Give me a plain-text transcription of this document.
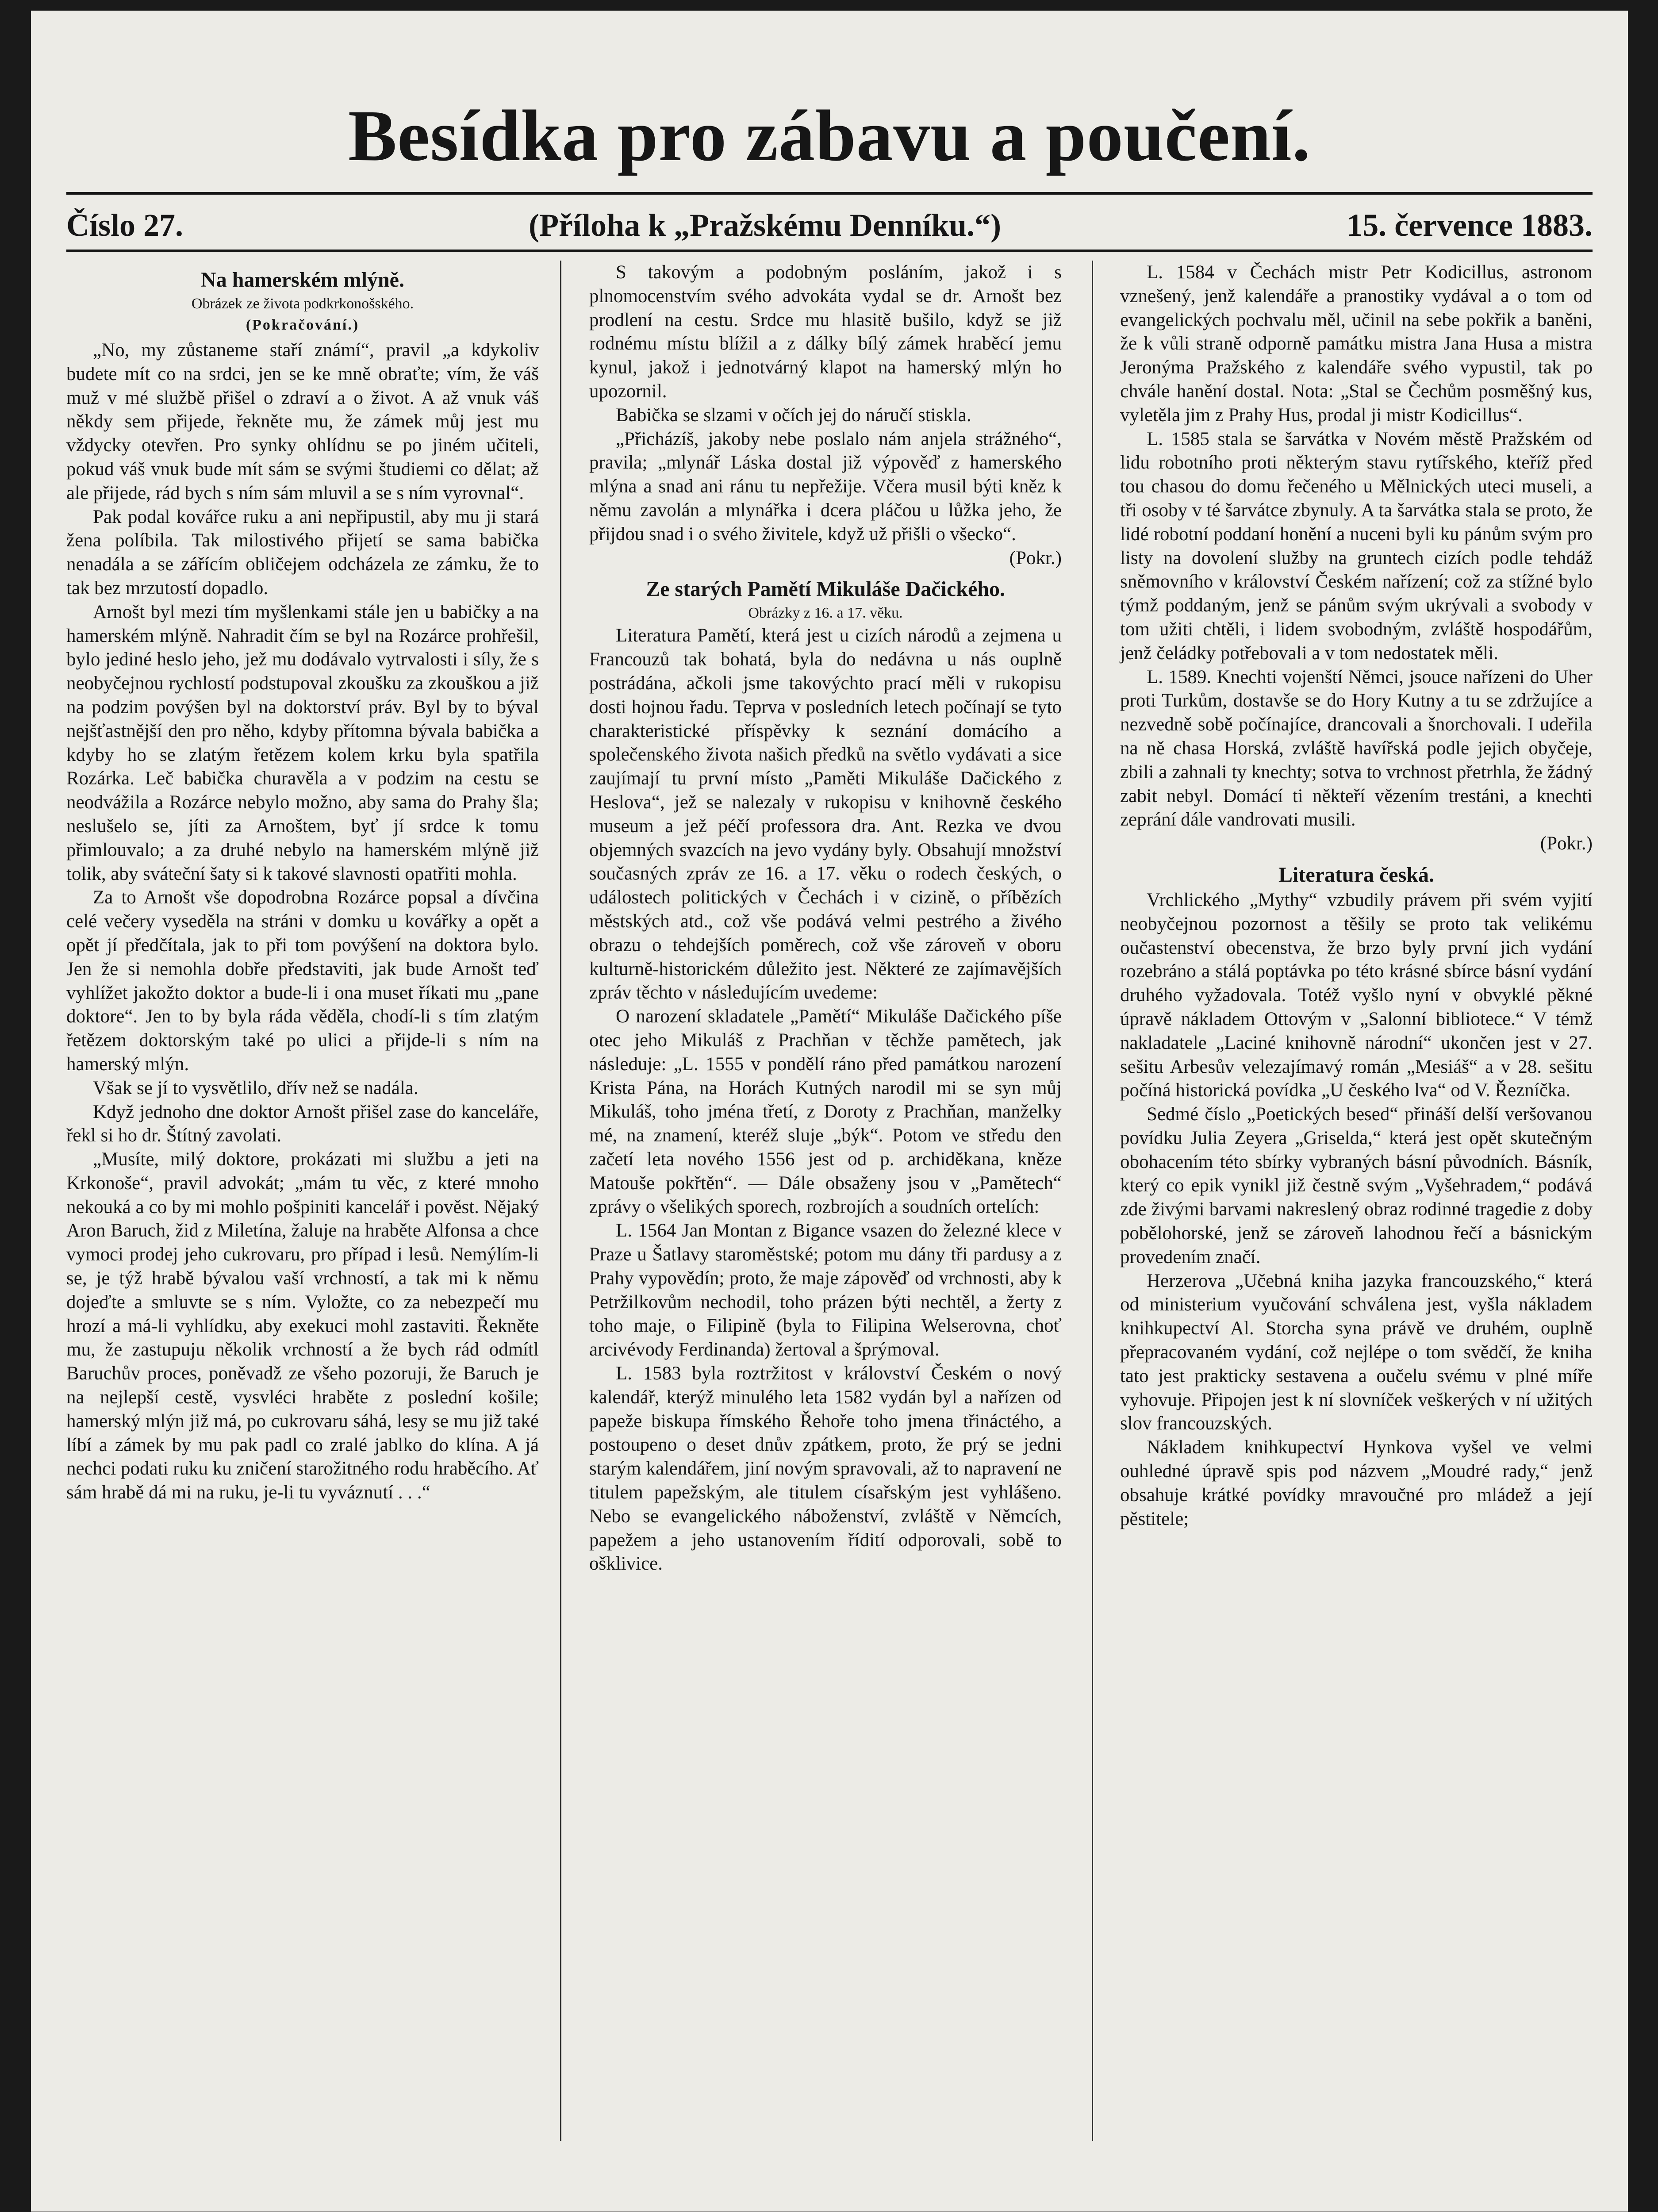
Besídka pro zábavu a poučení.
Číslo 27.	(Příloha k „Pražskému Denníku.“)	15. července 1883.
Na hamerském mlýně.

Obrázek ze života podkrkonošského.

(Pokračování.)

„No, my zůstaneme staří známí“, pravil „a kdykoliv budete mít co na srdci, jen se ke mně obraťte; vím, že váš muž v mé službě přišel o zdraví a o život. A až vnuk váš někdy sem přijede, řekněte mu, že zámek můj jest mu vždycky otevřen. Pro synky ohlídnu se po jiném učiteli, pokud váš vnuk bude mít sám se svými študiemi co dělat; až ale přijede, rád bych s ním sám mluvil a se s ním vyrovnal“.

Pak podal kovářce ruku a ani nepřipustil, aby mu ji stará žena políbila. Tak milostivého přijetí se sama babička nenadála a se zářícím obličejem odcházela ze zámku, že to tak bez mrzutostí dopadlo.

Arnošt byl mezi tím myšlenkami stále jen u babičky a na hamerském mlýně. Nahradit čím se byl na Rozárce prohřešil, bylo jediné heslo jeho, jež mu dodávalo vytrvalosti i síly, že s neobyčejnou rychlostí podstupoval zkoušku za zkouškou a již na podzim povýšen byl na doktorství práv. Byl by to býval nejšťastnější den pro něho, kdyby přítomna bývala babička a kdyby ho se zlatým řetězem kolem krku byla spatřila Rozárka. Leč babička churavěla a v podzim na cestu se neodvážila a Rozárce nebylo možno, aby sama do Prahy šla; neslušelo se, jíti za Arnoštem, byť jí srdce k tomu přimlouvalo; a za druhé nebylo na hamerském mlýně již tolik, aby sváteční šaty si k takové slavnosti opatřiti mohla.

Za to Arnošt vše dopodrobna Rozárce popsal a dívčina celé večery vyseděla na stráni v domku u kovářky a opět a opět jí předčítala, jak to při tom povýšení na doktora bylo. Jen že si nemohla dobře představiti, jak bude Arnošt teď vyhlížet jakožto doktor a bude-li i ona muset říkati mu „pane doktore“. Jen to by byla ráda věděla, chodí-li s tím zlatým řetězem doktorským také po ulici a přijde-li s ním na hamerský mlýn.

Však se jí to vysvětlilo, dřív než se nadála.

Když jednoho dne doktor Arnošt přišel zase do kanceláře, řekl si ho dr. Štítný zavolati.

„Musíte, milý doktore, prokázati mi službu a jeti na Krkonoše“, pravil advokát; „mám tu věc, z které mnoho nekouká a co by mi mohlo pošpiniti kancelář i pověst. Nějaký Aron Baruch, žid z Miletína, žaluje na hraběte Alfonsa a chce vymoci prodej jeho cukrovaru, pro případ i lesů. Nemýlím-li se, je týž hrabě bývalou vaší vrchností, a tak mi k němu dojeďte a smluvte se s ním. Vyložte, co za nebezpečí mu hrozí a má-li vyhlídku, aby exekuci mohl zastaviti. Řekněte mu, že zastupuju několik vrchností a že bych rád odmítl Baruchův proces, poněvadž ze všeho pozoruji, že Baruch je na nejlepší cestě, vysvléci hraběte z poslední košile; hamerský mlýn již má, po cukrovaru sáhá, lesy se mu již také líbí a zámek by mu pak padl co zralé jablko do klína. A já nechci podati ruku ku zničení starožitného rodu hraběcího. Ať sám hrabě dá mi na ruku, je-li tu vyváznutí . . .“

S takovým a podobným posláním, jakož i s plnomocenstvím svého advokáta vydal se dr. Arnošt bez prodlení na cestu. Srdce mu hlasitě bušilo, když se již rodnému místu blížil a z dálky bílý zámek hraběcí jemu kynul, jakož i jednotvárný klapot na hamerský mlýn ho upozornil.

Babička se slzami v očích jej do náručí stiskla.

„Přicházíš, jakoby nebe poslalo nám anjela strážného“, pravila; „mlynář Láska dostal již výpověď z hamerského mlýna a snad ani ránu tu nepřežije. Včera musil býti kněz k němu zavolán a mlynářka i dcera pláčou u lůžka jeho, že přijdou snad i o svého živitele, když už přišli o všecko“.

(Pokr.)

Ze starých Pamětí Mikuláše Dačického.

Obrázky z 16. a 17. věku.

Literatura Pamětí, která jest u cizích národů a zejmena u Francouzů tak bohatá, byla do nedávna u nás ouplně postrádána, ačkoli jsme takovýchto prací měli v rukopisu dosti hojnou řadu. Teprva v posledních letech počínají se tyto charakteristické příspěvky k seznání domácího a společenského života našich předků na světlo vydávati a sice zaujímají tu první místo „Paměti Mikuláše Dačického z Heslova“, jež se nalezaly v rukopisu v knihovně českého museum a jež péčí professora dra. Ant. Rezka ve dvou objemných svazcích na jevo vydány byly. Obsahují množství současných zpráv ze 16. a 17. věku o rodech českých, o událostech politických v Čechách i v cizině, o příbězích městských atd., což vše podává velmi pestrého a živého obrazu o tehdejších poměrech, což vše zároveň v oboru kulturně-historickém důležito jest. Některé ze zajímavějších zpráv těchto v následujícím uvedeme:

O narození skladatele „Pamětí“ Mikuláše Dačického píše otec jeho Mikuláš z Prachňan v těchže pamětech, jak následuje: „L. 1555 v pondělí ráno před památkou narození Krista Pána, na Horách Kutných narodil mi se syn můj Mikuláš, toho jména třetí, z Doroty z Prachňan, manželky mé, na znamení, kteréž sluje „býk“. Potom ve středu den začetí leta nového 1556 jest od p. archiděkana, kněze Matouše pokřtěn“. — Dále obsaženy jsou v „Pamětech“ zprávy o všelikých sporech, rozbrojích a soudních ortelích:

L. 1564 Jan Montan z Bigance vsazen do železné klece v Praze u Šatlavy staroměstské; potom mu dány tři pardusy a z Prahy vypovědín; proto, že maje zápověď od vrchnosti, aby k Petržilkovům nechodil, toho prázen býti nechtěl, a žerty z toho maje, o Filipině (byla to Filipina Welserovna, choť arcivévody Ferdinanda) žertoval a šprýmoval.

L. 1583 byla roztržitost v království Českém o nový kalendář, kterýž minulého leta 1582 vydán byl a nařízen od papeže biskupa římského Řehoře toho jmena třináctého, a postoupeno o deset dnův zpátkem, proto, že prý se jedni starým kalendářem, jiní novým spravovali, až to napravení ne titulem papežským, ale titulem císařským jest vyhlášeno. Nebo se evangelického náboženství, zvláště v Němcích, papežem a jeho ustanovením řídití odporovali, sobě to ošklivice.

L. 1584 v Čechách mistr Petr Kodicillus, astronom vznešený, jenž kalendáře a pranostiky vydával a o tom od evangelických pochvalu měl, učinil na sebe pokřik a baněni, že k vůli straně odporně památku mistra Jana Husa a mistra Jeronýma Pražského z kalendáře svého vypustil, tak po chvále hanění dostal. Nota: „Stal se Čechům posměšný kus, vyletěla jim z Prahy Hus, prodal ji mistr Kodicillus“.

L. 1585 stala se šarvátka v Novém městě Pražském od lidu robotního proti některým stavu rytířského, kteříž před tou chasou do domu řečeného u Mělnických uteci museli, a tři osoby v té šarvátce zbynuly. A ta šarvátka stala se proto, že lidé robotní poddaní honění a nuceni byli ku pánům svým pro listy na dovolení služby na gruntech cizích podle tehdáž sněmovního v království Českém nařízení; což za stížné bylo týmž poddaným, jenž se pánům svým ukrývali a svobody v tom užiti chtěli, i lidem svobodným, zvláště hospodářům, jenž čeládky potřebovali a v tom nedostatek měli.

L. 1589. Knechti vojenští Němci, jsouce nařízeni do Uher proti Turkům, dostavše se do Hory Kutny a tu se zdržujíce a nezvedně sobě počínajíce, drancovali a šnorchovali. I udeřila na ně chasa Horská, zvláště havířská podle jejich obyčeje, zbili a zahnali ty knechty; sotva to vrchnost přetrhla, že žádný zabit nebyl. Domácí ti někteří vězením trestáni, a knechti zeprání dále vandrovati musili.

(Pokr.)

Literatura česká.

Vrchlického „Mythy“ vzbudily právem při svém vyjití neobyčejnou pozornost a těšily se proto tak velikému oučastenství obecenstva, že brzo byly první jich vydání rozebráno a stálá poptávka po této krásné sbírce básní vydání druhého vyžadovala. Totéž vyšlo nyní v obvyklé pěkné úpravě nákladem Ottovým v „Salonní bibliotece.“ V témž nakladatele „Laciné knihovně národní“ ukončen jest v 27. sešitu Arbesův velezajímavý román „Mesiáš“ a v 28. sešitu počíná historická povídka „U českého lva“ od V. Řezníčka.

Sedmé číslo „Poetických besed“ přináší delší veršovanou povídku Julia Zeyera „Griselda,“ která jest opět skutečným obohacením této sbírky vybraných básní původních. Básník, který co epik vynikl již čestně svým „Vyšehradem,“ podává zde živými barvami nakreslený obraz rodinné tragedie z doby pobělohorské, jenž se zároveň lahodnou řečí a básnickým provedením značí.

Herzerova „Učebná kniha jazyka francouzského,“ která od ministerium vyučování schválena jest, vyšla nákladem knihkupectví Al. Storcha syna právě ve druhém, ouplně přepracovaném vydání, což nejlépe o tom svědčí, že kniha tato jest prakticky sestavena a oučelu svému v plné míře vyhovuje. Připojen jest k ní slovníček veškerých v ní užitých slov francouzských.

Nákladem knihkupectví Hynkova vyšel ve velmi ouhledné úpravě spis pod názvem „Moudré rady,“ jenž obsahuje krátké povídky mravoučné pro mládež a její pěstitele;
